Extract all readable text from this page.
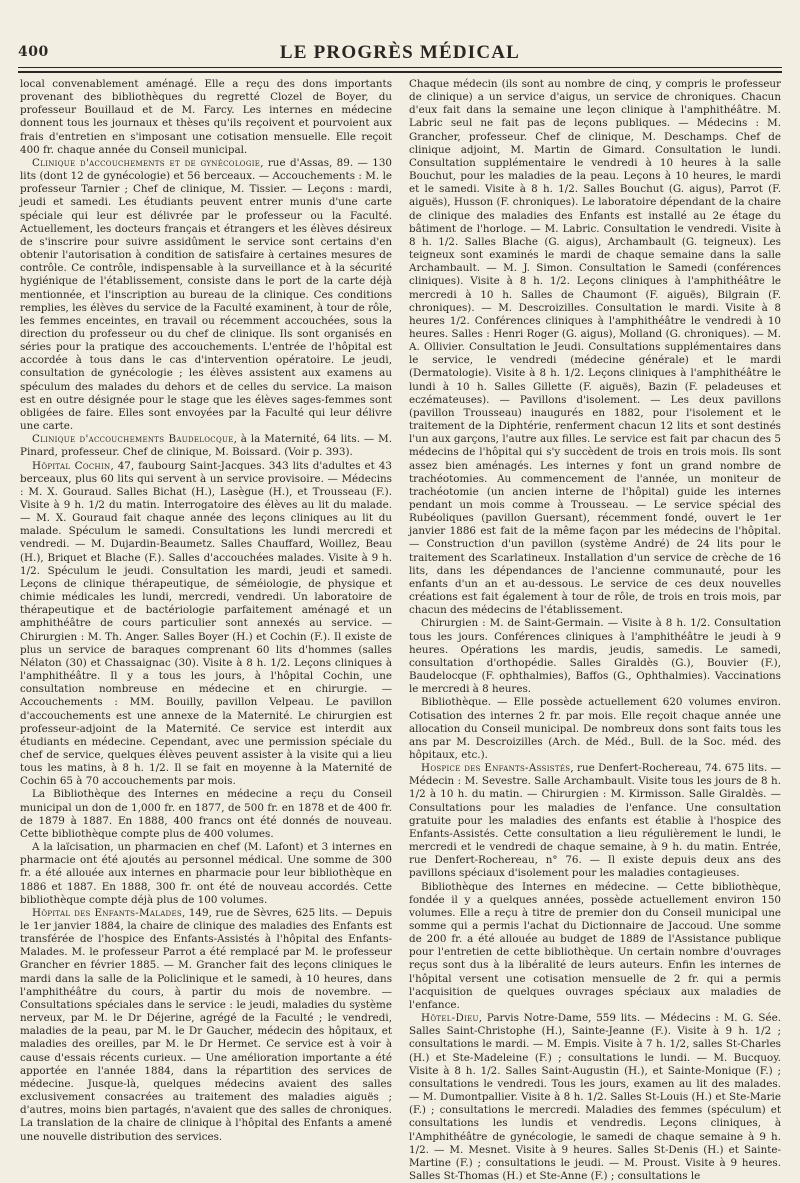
400	LE PROGRÈS MÉDICAL

local convenablement aménagé. Elle a reçu des dons importants provenant des bibliothèques du regretté Clozel de Boyer, du professeur Bouillaud et de M. Farcy. Les internes en médecine donnent tous les journaux et thèses qu'ils reçoivent et pourvoient aux frais d'entretien en s'imposant une cotisation mensuelle. Elle reçoit 400 fr. chaque année du Conseil municipal.

Clinique d'accouchements et de gynécologie, rue d'Assas, 89. — 130 lits (dont 12 de gynécologie) et 56 berceaux. — Accouchements : M. le professeur Tarnier ; Chef de clinique, M. Tissier. — Leçons : mardi, jeudi et samedi. Les étudiants peuvent entrer munis d'une carte spéciale qui leur est délivrée par le professeur ou la Faculté. Actuellement, les docteurs français et étrangers et les élèves désireux de s'inscrire pour suivre assidûment le service sont certains d'en obtenir l'autorisation à condition de satisfaire à certaines mesures de contrôle. Ce contrôle, indispensable à la surveillance et à la sécurité hygiénique de l'établissement, consiste dans le port de la carte déjà mentionnée, et l'inscription au bureau de la clinique. Ces conditions remplies, les élèves du service de la Faculté examinent, à tour de rôle, les femmes enceintes, en travail ou récemment accouchées, sous la direction du professeur ou du chef de clinique. Ils sont organisés en séries pour la pratique des accouchements. L'entrée de l'hôpital est accordée à tous dans le cas d'intervention opératoire. Le jeudi, consultation de gynécologie ; les élèves assistent aux examens au spéculum des malades du dehors et de celles du service. La maison est en outre désignée pour le stage que les élèves sages-femmes sont obligées de faire. Elles sont envoyées par la Faculté qui leur délivre une carte.

Clinique d'accouchements Baudelocque, à la Maternité, 64 lits. — M. Pinard, professeur. Chef de clinique, M. Boissard. (Voir p. 393).

Hôpital Cochin, 47, faubourg Saint-Jacques. 343 lits d'adultes et 43 berceaux, plus 60 lits qui servent à un service provisoire. — Médecins : M. X. Gouraud. Salles Bichat (H.), Lasègue (H.), et Trousseau (F.). Visite à 9 h. 1/2 du matin. Interrogatoire des élèves au lit du malade. — M. X. Gouraud fait chaque année des leçons cliniques au lit du malade. Spéculum le samedi. Consultations les lundi mercredi et vendredi. — M. Dujardin-Beaumetz. Salles Chauffard, Woillez, Beau (H.), Briquet et Blache (F.). Salles d'accouchées malades. Visite à 9 h. 1/2. Spéculum le jeudi. Consultation les mardi, jeudi et samedi. Leçons de clinique thérapeutique, de séméiologie, de physique et chimie médicales les lundi, mercredi, vendredi. Un laboratoire de thérapeutique et de bactériologie parfaitement aménagé et un amphithéâtre de cours particulier sont annexés au service. — Chirurgien : M. Th. Anger. Salles Boyer (H.) et Cochin (F.). Il existe de plus un service de baraques comprenant 60 lits d'hommes (salles Nélaton (30) et Chassaignac (30). Visite à 8 h. 1/2. Leçons cliniques à l'amphithéâtre. Il y a tous les jours, à l'hôpital Cochin, une consultation nombreuse en médecine et en chirurgie. — Accouchements : MM. Bouilly, pavillon Velpeau. Le pavillon d'accouchements est une annexe de la Maternité. Le chirurgien est professeur-adjoint de la Maternité. Ce service est interdit aux étudiants en médecine. Cependant, avec une permission spéciale du chef de service, quelques élèves peuvent assister à la visite qui a lieu tous les matins, à 8 h. 1/2. Il se fait en moyenne à la Maternité de Cochin 65 à 70 accouchements par mois.

La Bibliothèque des Internes en médecine a reçu du Conseil municipal un don de 1,000 fr. en 1877, de 500 fr. en 1878 et de 400 fr. de 1879 à 1887. En 1888, 400 francs ont été donnés de nouveau. Cette bibliothèque compte plus de 400 volumes.

A la laïcisation, un pharmacien en chef (M. Lafont) et 3 internes en pharmacie ont été ajoutés au personnel médical. Une somme de 300 fr. a été allouée aux internes en pharmacie pour leur bibliothèque en 1886 et 1887. En 1888, 300 fr. ont été de nouveau accordés. Cette bibliothèque compte déjà plus de 100 volumes.

Hôpital des Enfants-Malades, 149, rue de Sèvres, 625 lits. — Depuis le 1er janvier 1884, la chaire de clinique des maladies des Enfants est transférée de l'hospice des Enfants-Assistés à l'hôpital des Enfants-Malades. M. le professeur Parrot a été remplacé par M. le professeur Grancher en février 1885. — M. Grancher fait des leçons cliniques le mardi dans la salle de la Policlinique et le samedi, à 10 heures, dans l'amphithéâtre du cours, à partir du mois de novembre. — Consultations spéciales dans le service : le jeudi, maladies du système nerveux, par M. le Dr Déjerine, agrégé de la Faculté ; le vendredi, maladies de la peau, par M. le Dr Gaucher, médecin des hôpitaux, et maladies des oreilles, par M. le Dr Hermet. Ce service est à voir à cause d'essais récents curieux. — Une amélioration importante a été apportée en l'année 1884, dans la répartition des services de médecine. Jusque-là, quelques médecins avaient des salles exclusivement consacrées au traitement des maladies aiguës ; d'autres, moins bien partagés, n'avaient que des salles de chroniques. La translation de la chaire de clinique à l'hôpital des Enfants a amené une nouvelle distribution des services.

Chaque médecin (ils sont au nombre de cinq, y compris le professeur de clinique) a un service d'aigus, un service de chroniques. Chacun d'eux fait dans la semaine une leçon clinique à l'amphithéâtre. M. Labric seul ne fait pas de leçons publiques. — Médecins : M. Grancher, professeur. Chef de clinique, M. Deschamps. Chef de clinique adjoint, M. Martin de Gimard. Consultation le lundi. Consultation supplémentaire le vendredi à 10 heures à la salle Bouchut, pour les maladies de la peau. Leçons à 10 heures, le mardi et le samedi. Visite à 8 h. 1/2. Salles Bouchut (G. aigus), Parrot (F. aiguës), Husson (F. chroniques). Le laboratoire dépendant de la chaire de clinique des maladies des Enfants est installé au 2e étage du bâtiment de l'horloge. — M. Labric. Consultation le vendredi. Visite à 8 h. 1/2. Salles Blache (G. aigus), Archambault (G. teigneux). Les teigneux sont examinés le mardi de chaque semaine dans la salle Archambault. — M. J. Simon. Consultation le Samedi (conférences cliniques). Visite à 8 h. 1/2. Leçons cliniques à l'amphithéâtre le mercredi à 10 h. Salles de Chaumont (F. aiguës), Bilgrain (F. chroniques). — M. Descroizilles. Consultation le mardi. Visite à 8 heures 1/2. Conférences cliniques à l'amphithéâtre le vendredi à 10 heures. Salles : Henri Roger (G. aigus), Molland (G. chroniques). — M. A. Ollivier. Consultation le Jeudi. Consultations supplémentaires dans le service, le vendredi (médecine générale) et le mardi (Dermatologie). Visite à 8 h. 1/2. Leçons cliniques à l'amphithéâtre le lundi à 10 h. Salles Gillette (F. aiguës), Bazin (F. peladeuses et eczémateuses). — Pavillons d'isolement. — Les deux pavillons (pavillon Trousseau) inaugurés en 1882, pour l'isolement et le traitement de la Diphtérie, renferment chacun 12 lits et sont destinés l'un aux garçons, l'autre aux filles. Le service est fait par chacun des 5 médecins de l'hôpital qui s'y succèdent de trois en trois mois. Ils sont assez bien aménagés. Les internes y font un grand nombre de trachéotomies. Au commencement de l'année, un moniteur de trachéotomie (un ancien interne de l'hôpital) guide les internes pendant un mois comme à Trousseau. — Le service spécial des Rubéoliques (pavillon Guersant), récemment fondé, ouvert le 1er janvier 1886 est fait de la même façon par les médecins de l'hôpital. — Construction d'un pavillon (système André) de 24 lits pour le traitement des Scarlatineux. Installation d'un service de crèche de 16 lits, dans les dépendances de l'ancienne communauté, pour les enfants d'un an et au-dessous. Le service de ces deux nouvelles créations est fait également à tour de rôle, de trois en trois mois, par chacun des médecins de l'établissement.

Chirurgien : M. de Saint-Germain. — Visite à 8 h. 1/2. Consultation tous les jours. Conférences cliniques à l'amphithéâtre le jeudi à 9 heures. Opérations les mardis, jeudis, samedis. Le samedi, consultation d'orthopédie. Salles Giraldès (G.), Bouvier (F.), Baudelocque (F. ophthalmies), Baffos (G., Ophthalmies). Vaccinations le mercredi à 8 heures.

Bibliothèque. — Elle possède actuellement 620 volumes environ. Cotisation des internes 2 fr. par mois. Elle reçoit chaque année une allocation du Conseil municipal. De nombreux dons sont faits tous les ans par M. Descroizilles (Arch. de Méd., Bull. de la Soc. méd. des hôpitaux, etc.).

Hospice des Enfants-Assistés, rue Denfert-Rochereau, 74. 675 lits. — Médecin : M. Sevestre. Salle Archambault. Visite tous les jours de 8 h. 1/2 à 10 h. du matin. — Chirurgien : M. Kirmisson. Salle Giraldès. — Consultations pour les maladies de l'enfance. Une consultation gratuite pour les maladies des enfants est établie à l'hospice des Enfants-Assistés. Cette consultation a lieu régulièrement le lundi, le mercredi et le vendredi de chaque semaine, à 9 h. du matin. Entrée, rue Denfert-Rochereau, n° 76. — Il existe depuis deux ans des pavillons spéciaux d'isolement pour les maladies contagieuses.

Bibliothèque des Internes en médecine. — Cette bibliothèque, fondée il y a quelques années, possède actuellement environ 150 volumes. Elle a reçu à titre de premier don du Conseil municipal une somme qui a permis l'achat du Dictionnaire de Jaccoud. Une somme de 200 fr. a été allouée au budget de 1889 de l'Assistance publique pour l'entretien de cette bibliothèque. Un certain nombre d'ouvrages reçus sont dus à la libéralité de leurs auteurs. Enfin les internes de l'hôpital versent une cotisation mensuelle de 2 fr. qui a permis l'acquisition de quelques ouvrages spéciaux aux maladies de l'enfance.

Hôtel-Dieu, Parvis Notre-Dame, 559 lits. — Médecins : M. G. Sée. Salles Saint-Christophe (H.), Sainte-Jeanne (F.). Visite à 9 h. 1/2 ; consultations le mardi. — M. Empis. Visite à 7 h. 1/2, salles St-Charles (H.) et Ste-Madeleine (F.) ; consultations le lundi. — M. Bucquoy. Visite à 8 h. 1/2. Salles Saint-Augustin (H.), et Sainte-Monique (F.) ; consultations le vendredi. Tous les jours, examen au lit des malades. — M. Dumontpallier. Visite à 8 h. 1/2. Salles St-Louis (H.) et Ste-Marie (F.) ; consultations le mercredi. Maladies des femmes (spéculum) et consultations les lundis et vendredis. Leçons cliniques, à l'Amphithéâtre de gynécologie, le samedi de chaque semaine à 9 h. 1/2. — M. Mesnet. Visite à 9 heures. Salles St-Denis (H.) et Sainte-Martine (F.) ; consultations le jeudi. — M. Proust. Visite à 9 heures. Salles St-Thomas (H.) et Ste-Anne (F.) ; consultations le
